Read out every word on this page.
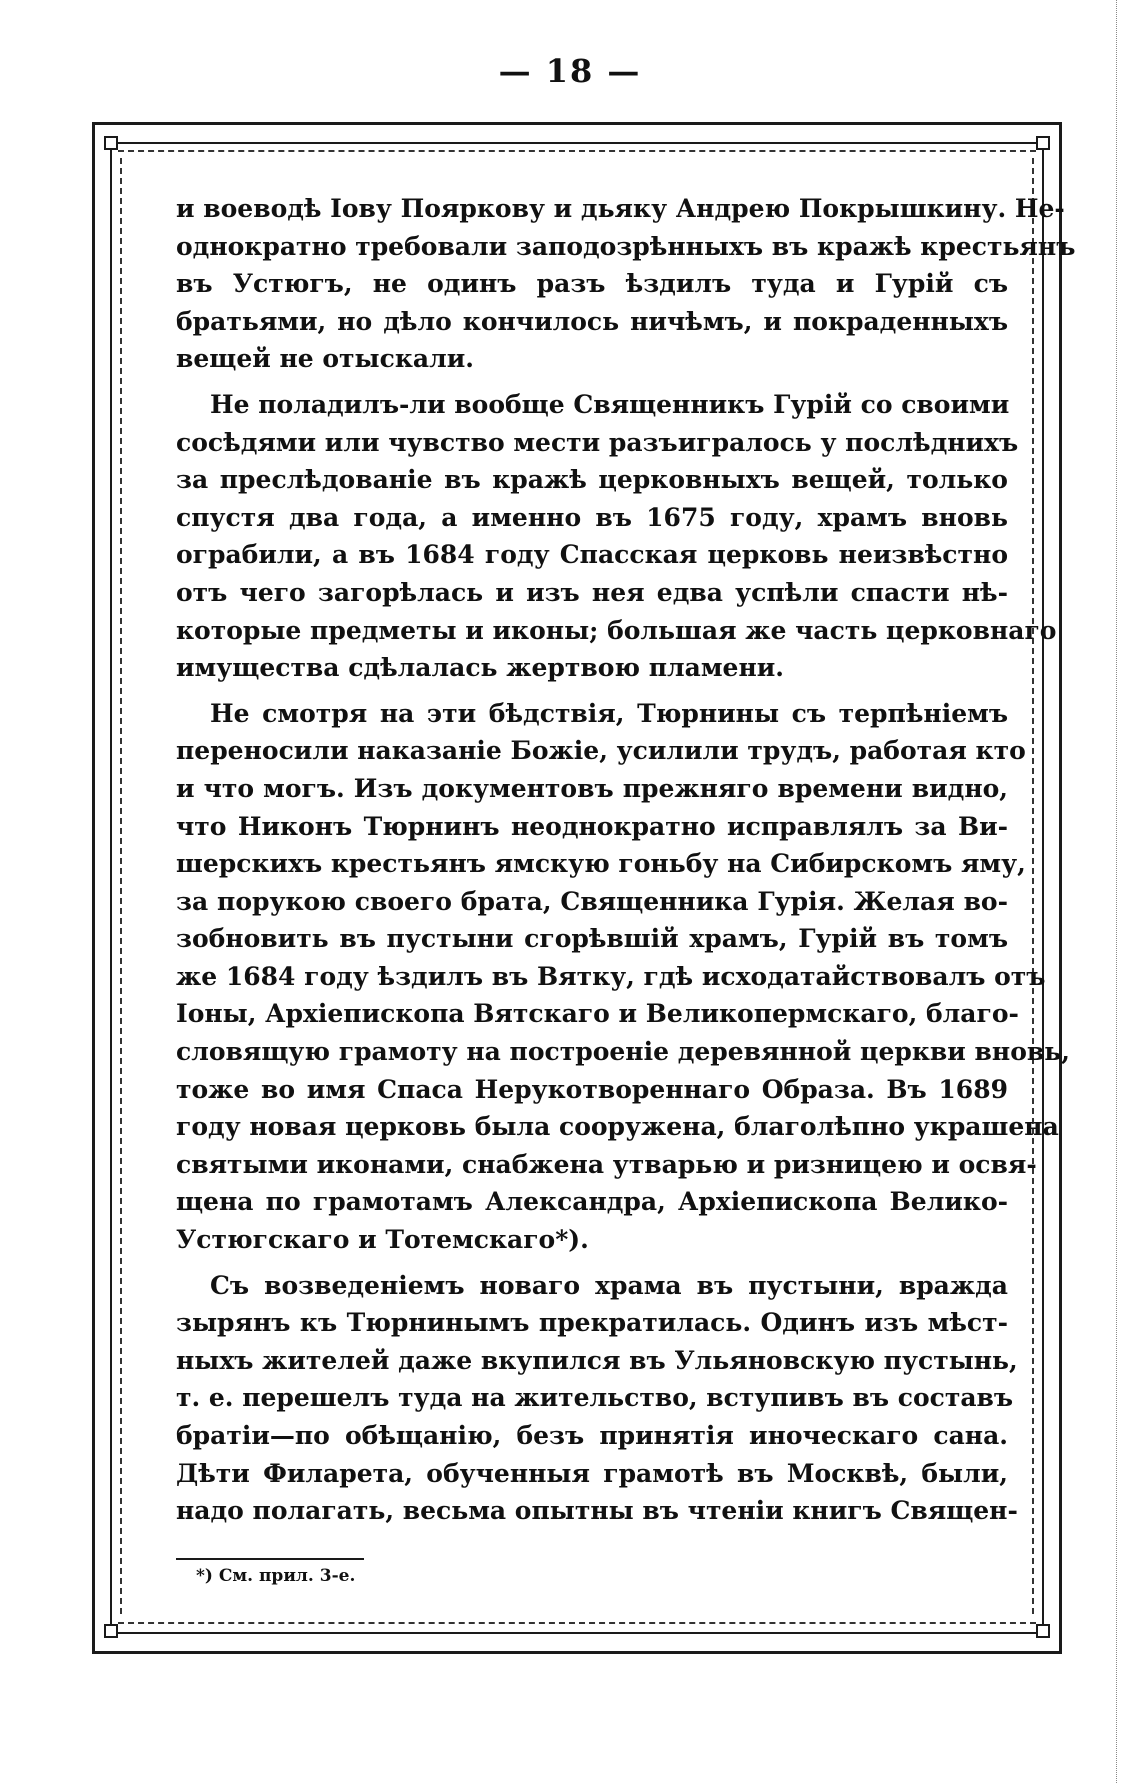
— 18 —
и воеводѣ Іову Пояркову и дьяку Андрею Покрышкину. Не-
однократно требовали заподозрѣнныхъ въ кражѣ крестьянъ
въ Устюгъ, не одинъ разъ ѣздилъ туда и Гурій съ
братьями, но дѣло кончилось ничѣмъ, и покраденныхъ
вещей не отыскали.
Не поладилъ-ли вообще Священникъ Гурій со своими
сосѣдями или чувство мести разъигралось у послѣднихъ
за преслѣдованіе въ кражѣ церковныхъ вещей, только
спустя два года, а именно въ 1675 году, храмъ вновь
ограбили, а въ 1684 году Спасская церковь неизвѣстно
отъ чего загорѣлась и изъ нея едва успѣли спасти нѣ-
которые предметы и иконы; большая же часть церковнаго
имущества сдѣлалась жертвою пламени.
Не смотря на эти бѣдствія, Тюрнины съ терпѣніемъ
переносили наказаніе Божіе, усилили трудъ, работая кто
и что могъ. Изъ документовъ прежняго времени видно,
что Никонъ Тюрнинъ неоднократно исправлялъ за Ви-
шерскихъ крестьянъ ямскую гоньбу на Сибирскомъ яму,
за порукою своего брата, Священника Гурія. Желая во-
зобновить въ пустыни сгорѣвшій храмъ, Гурій въ томъ
же 1684 году ѣздилъ въ Вятку, гдѣ исходатайствовалъ отъ
Іоны, Архіепископа Вятскаго и Великопермскаго, благо-
словящую грамоту на построеніе деревянной церкви вновь,
тоже во имя Спаса Нерукотвореннаго Образа. Въ 1689
году новая церковь была сооружена, благолѣпно украшена
святыми иконами, снабжена утварью и ризницею и освя-
щена по грамотамъ Александра, Архіепископа Велико-
Устюгскаго и Тотемскаго*).
Съ возведеніемъ новаго храма въ пустыни, вражда
зырянъ къ Тюрнинымъ прекратилась. Одинъ изъ мѣст-
ныхъ жителей даже вкупился въ Ульяновскую пустынь,
т. е. перешелъ туда на жительство, вступивъ въ составъ
братіи—по обѣщанію, безъ принятія иноческаго сана.
Дѣти Филарета, обученныя грамотѣ въ Москвѣ, были,
надо полагать, весьма опытны въ чтеніи книгъ Священ-
*) См. прил. 3-е.
